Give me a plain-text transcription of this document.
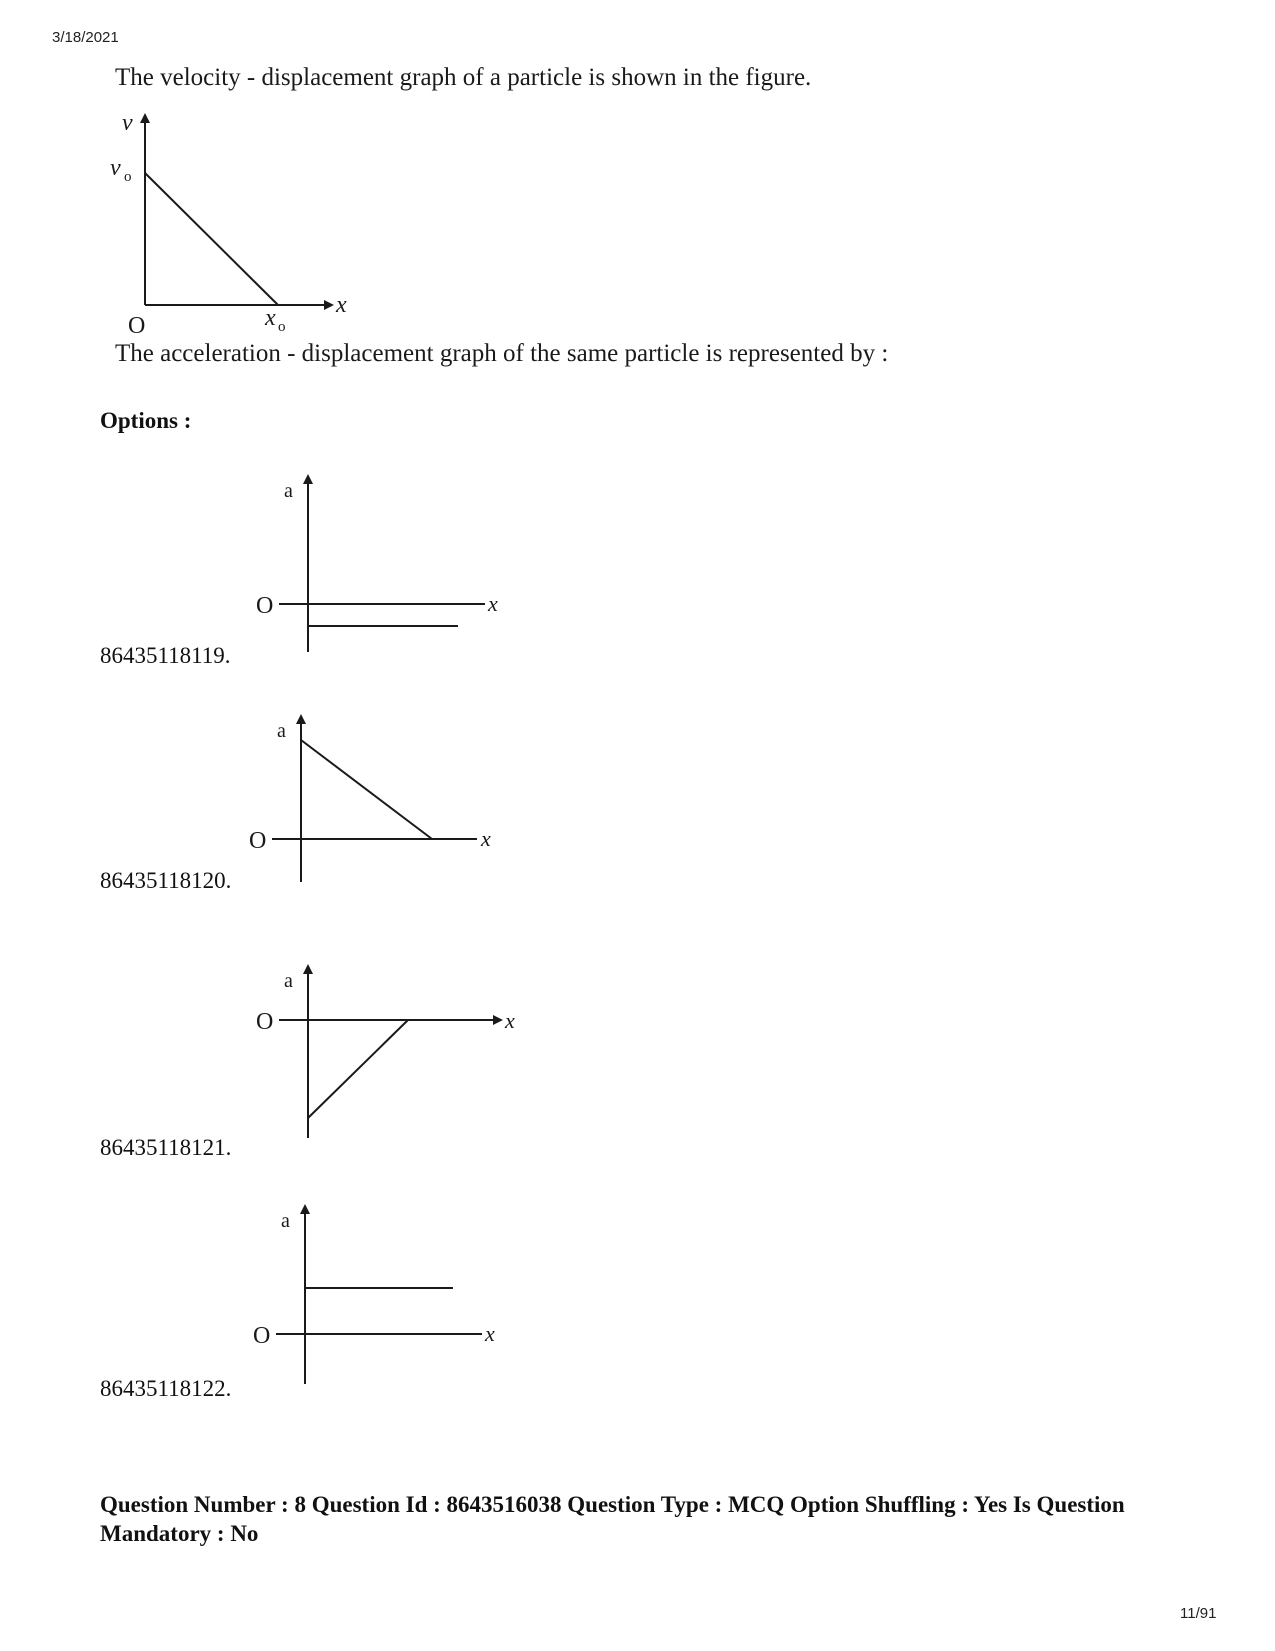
3/18/2021
The velocity - displacement graph of a particle is shown in the figure.
v
v o
O	x o
x
The acceleration - displacement graph of the same particle is represented by :
Options :
a
O	x
86435118119.
a
O	x
86435118120.
a
O	x
86435118121.
a
O	x
86435118122.
Question Number : 8 Question Id : 8643516038 Question Type : MCQ Option Shuffling : Yes Is Question Mandatory : No
11/91
